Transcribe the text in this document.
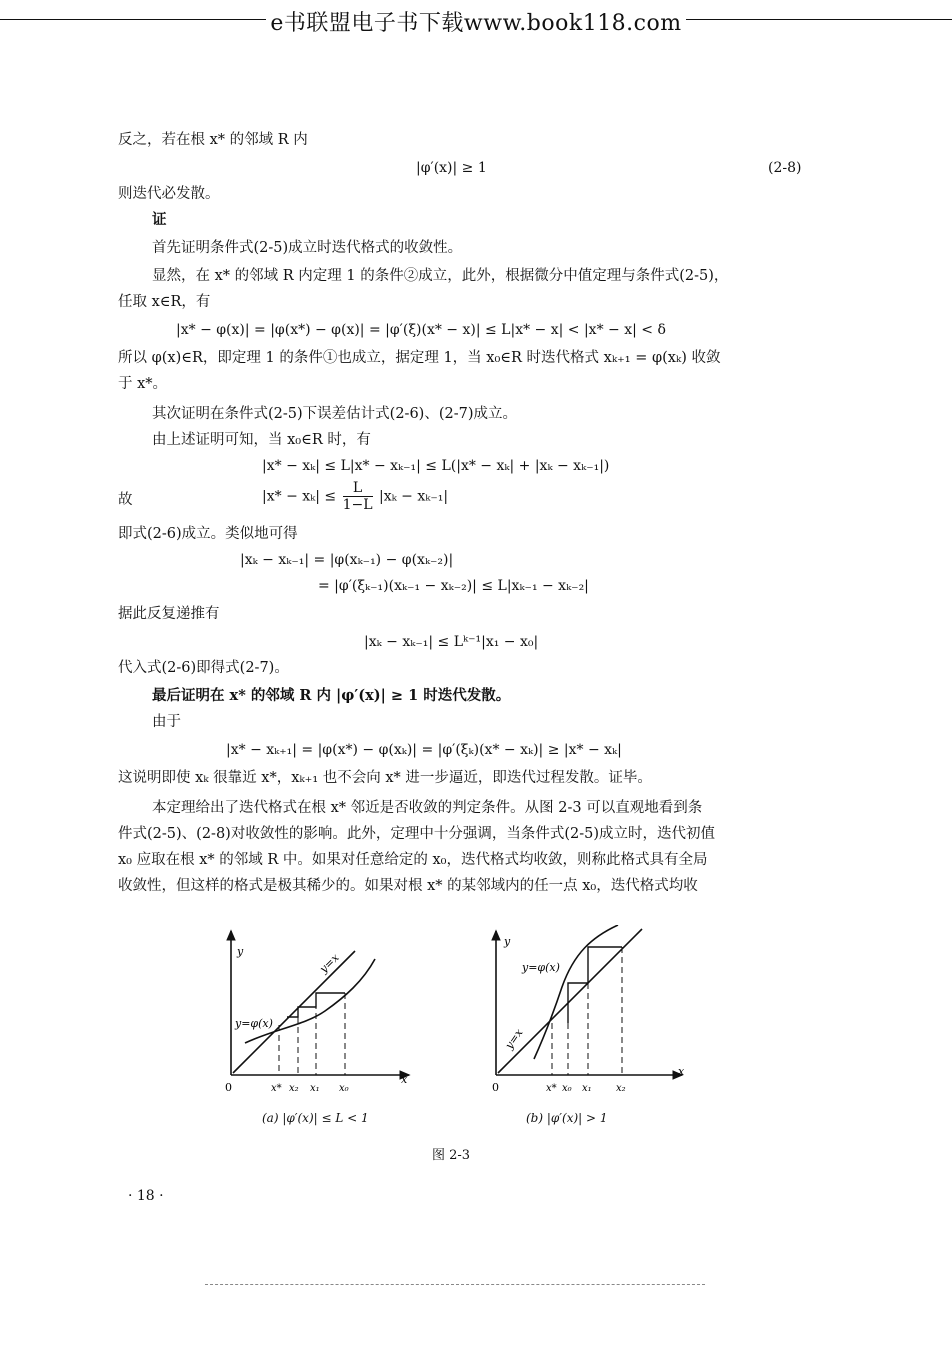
e书联盟电子书下载www.book118.com
反之，若在根 x* 的邻域 R 内
|φ′(x)| ≥ 1	(2-8)
则迭代必发散。
证
首先证明条件式(2-5)成立时迭代格式的收敛性。
显然，在 x* 的邻域 R 内定理 1 的条件②成立，此外，根据微分中值定理与条件式(2-5)，
任取 x∈R，有
|x* − φ(x)| = |φ(x*) − φ(x)| = |φ′(ξ)(x* − x)| ≤ L|x* − x| < |x* − x| < δ
所以 φ(x)∈R，即定理 1 的条件①也成立，据定理 1，当 x₀∈R 时迭代格式 xₖ₊₁ = φ(xₖ) 收敛
于 x*。
其次证明在条件式(2-5)下误差估计式(2-6)、(2-7)成立。
由上述证明可知，当 x₀∈R 时，有
|x* − xₖ| ≤ L|x* − xₖ₋₁| ≤ L(|x* − xₖ| + |xₖ − xₖ₋₁|)
故	$|x* - x_k| \le \frac{L}{1-L} |x_k - x_{k-1}|$
即式(2-6)成立。类似地可得
|xₖ − xₖ₋₁| = |φ(xₖ₋₁) − φ(xₖ₋₂)|
= |φ′(ξₖ₋₁)(xₖ₋₁ − xₖ₋₂)| ≤ L|xₖ₋₁ − xₖ₋₂|
据此反复递推有
|xₖ − xₖ₋₁| ≤ Lᵏ⁻¹|x₁ − x₀|
代入式(2-6)即得式(2-7)。
最后证明在 x* 的邻域 R 内 |φ′(x)| ≥ 1 时迭代发散。
由于
|x* − xₖ₊₁| = |φ(x*) − φ(xₖ)| = |φ′(ξₖ)(x* − xₖ)| ≥ |x* − xₖ|
这说明即使 xₖ 很靠近 x*，xₖ₊₁ 也不会向 x* 进一步逼近，即迭代过程发散。证毕。
本定理给出了迭代格式在根 x* 邻近是否收敛的判定条件。从图 2-3 可以直观地看到条
件式(2-5)、(2-8)对收敛性的影响。此外，定理中十分强调，当条件式(2-5)成立时，迭代初值
x₀ 应取在根 x* 的邻域 R 中。如果对任意给定的 x₀，迭代格式均收敛，则称此格式具有全局
收敛性，但这样的格式是极其稀少的。如果对根 x* 的某邻域内的任一点 x₀，迭代格式均收
y
x
0
y=x
y=φ(x)
x* x₂ x₁ x₀
(a) |φ′(x)| ≤ L < 1
y
x
0
y=x
y=φ(x)
x* x₀ x₁ x₂
(b) |φ′(x)| > 1
图 2-3
· 18 ·
